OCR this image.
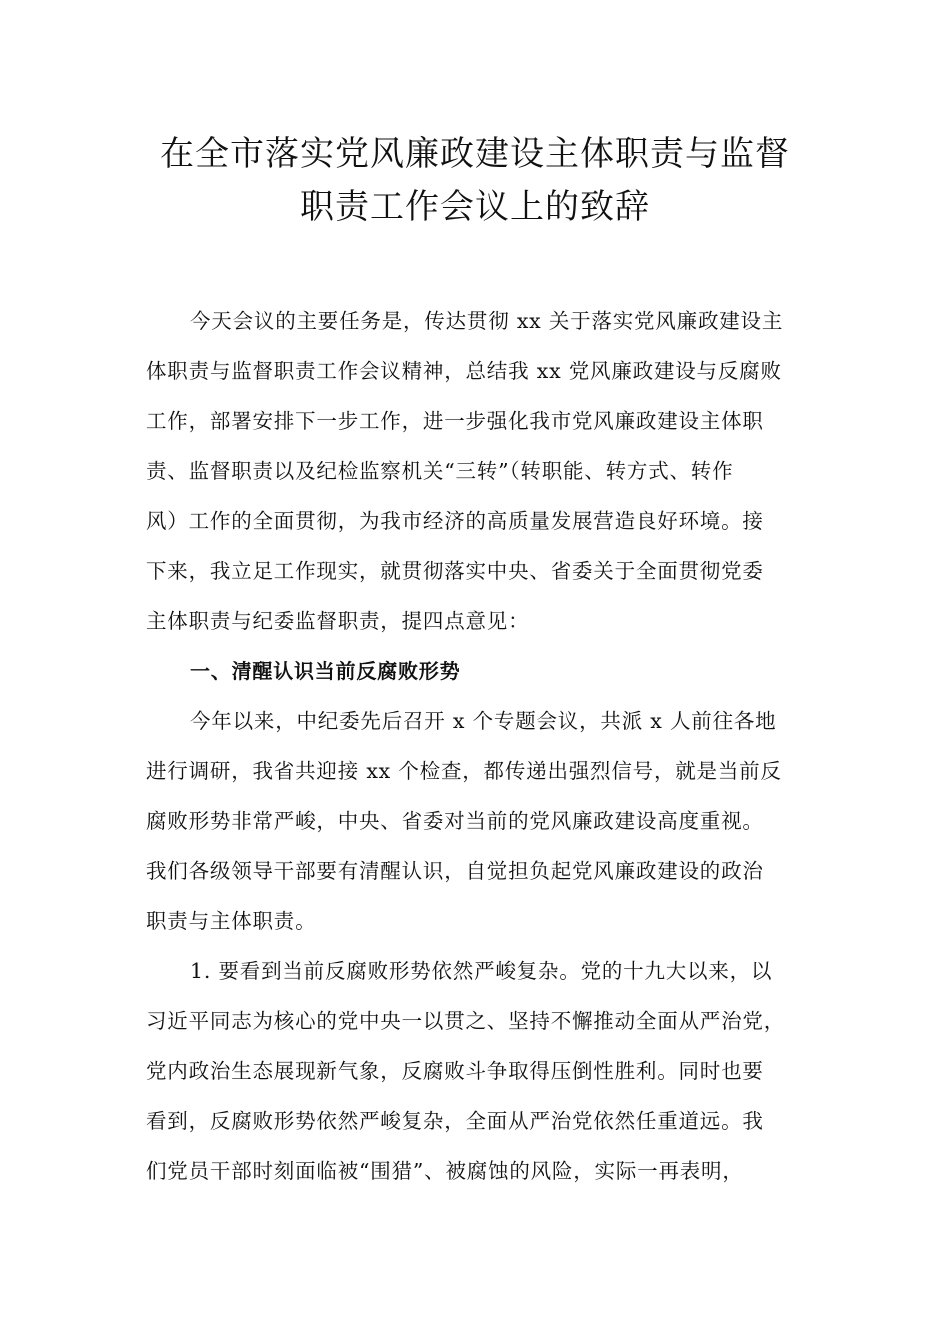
在全市落实党风廉政建设主体职责与监督
职责工作会议上的致辞
今天会议的主要任务是，传达贯彻 xx 关于落实党风廉政建设主
体职责与监督职责工作会议精神，总结我 xx 党风廉政建设与反腐败
工作，部署安排下一步工作，进一步强化我市党风廉政建设主体职
责、监督职责以及纪检监察机关“三转”（转职能、转方式、转作
风）工作的全面贯彻，为我市经济的高质量发展营造良好环境。接
下来，我立足工作现实，就贯彻落实中央、省委关于全面贯彻党委
主体职责与纪委监督职责，提四点意见：
一、清醒认识当前反腐败形势
今年以来，中纪委先后召开 x 个专题会议，共派 x 人前往各地
进行调研，我省共迎接 xx 个检查，都传递出强烈信号，就是当前反
腐败形势非常严峻，中央、省委对当前的党风廉政建设高度重视。
我们各级领导干部要有清醒认识，自觉担负起党风廉政建设的政治
职责与主体职责。
1. 要看到当前反腐败形势依然严峻复杂。党的十九大以来，以
习近平同志为核心的党中央一以贯之、坚持不懈推动全面从严治党，
党内政治生态展现新气象，反腐败斗争取得压倒性胜利。同时也要
看到，反腐败形势依然严峻复杂，全面从严治党依然任重道远。我
们党员干部时刻面临被“围猎”、被腐蚀的风险，实际一再表明，
